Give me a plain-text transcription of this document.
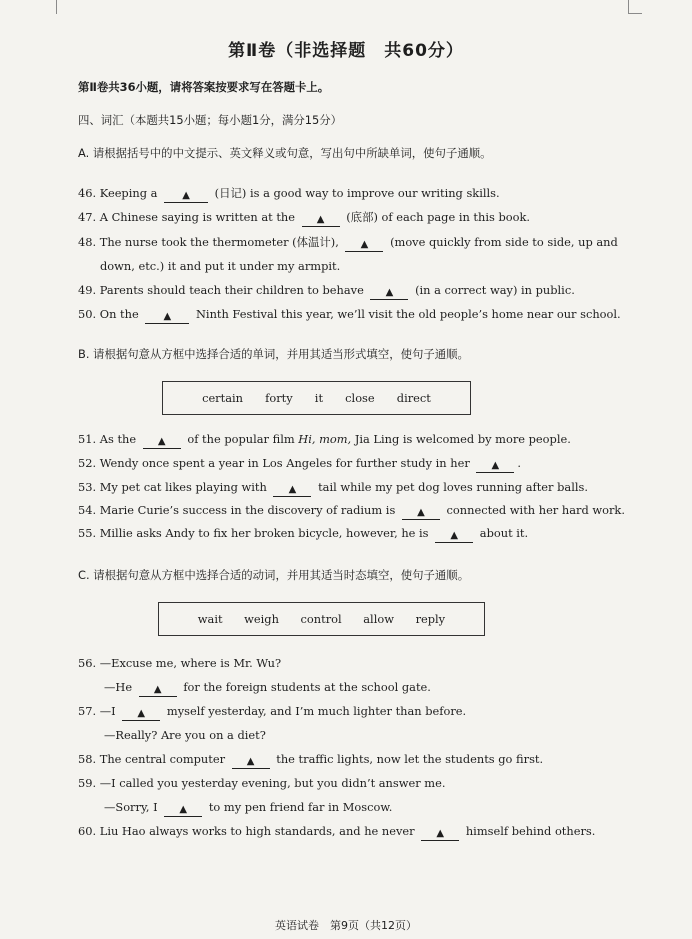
第Ⅱ卷（非选择题　共60分）
第Ⅱ卷共36小题，请将答案按要求写在答题卡上。
四、词汇（本题共15小题；每小题1分，满分15分）
A. 请根据括号中的中文提示、英文释义或句意，写出句中所缺单词，使句子通顺。
46. Keeping a ▲ (日记) is a good way to improve our writing skills.
47. A Chinese saying is written at the ▲ (底部) of each page in this book.
48. The nurse took the thermometer (体温计), ▲ (move quickly from side to side, up and
down, etc.) it and put it under my armpit.
49. Parents should teach their children to behave ▲ (in a correct way) in public.
50. On the ▲ Ninth Festival this year, we’ll visit the old people’s home near our school.
B. 请根据句意从方框中选择合适的单词，并用其适当形式填空，使句子通顺。
certain forty it close direct
51. As the ▲ of the popular film Hi, mom, Jia Ling is welcomed by more people.
52. Wendy once spent a year in Los Angeles for further study in her ▲ .
53. My pet cat likes playing with ▲ tail while my pet dog loves running after balls.
54. Marie Curie’s success in the discovery of radium is ▲ connected with her hard work.
55. Millie asks Andy to fix her broken bicycle, however, he is ▲ about it.
C. 请根据句意从方框中选择合适的动词，并用其适当时态填空，使句子通顺。
wait weigh control allow reply
56. —Excuse me, where is Mr. Wu?
—He ▲ for the foreign students at the school gate.
57. —I ▲ myself yesterday, and I’m much lighter than before.
—Really? Are you on a diet?
58. The central computer ▲ the traffic lights, now let the students go first.
59. —I called you yesterday evening, but you didn’t answer me.
—Sorry, I ▲ to my pen friend far in Moscow.
60. Liu Hao always works to high standards, and he never ▲ himself behind others.
英语试卷　第9页（共12页）
